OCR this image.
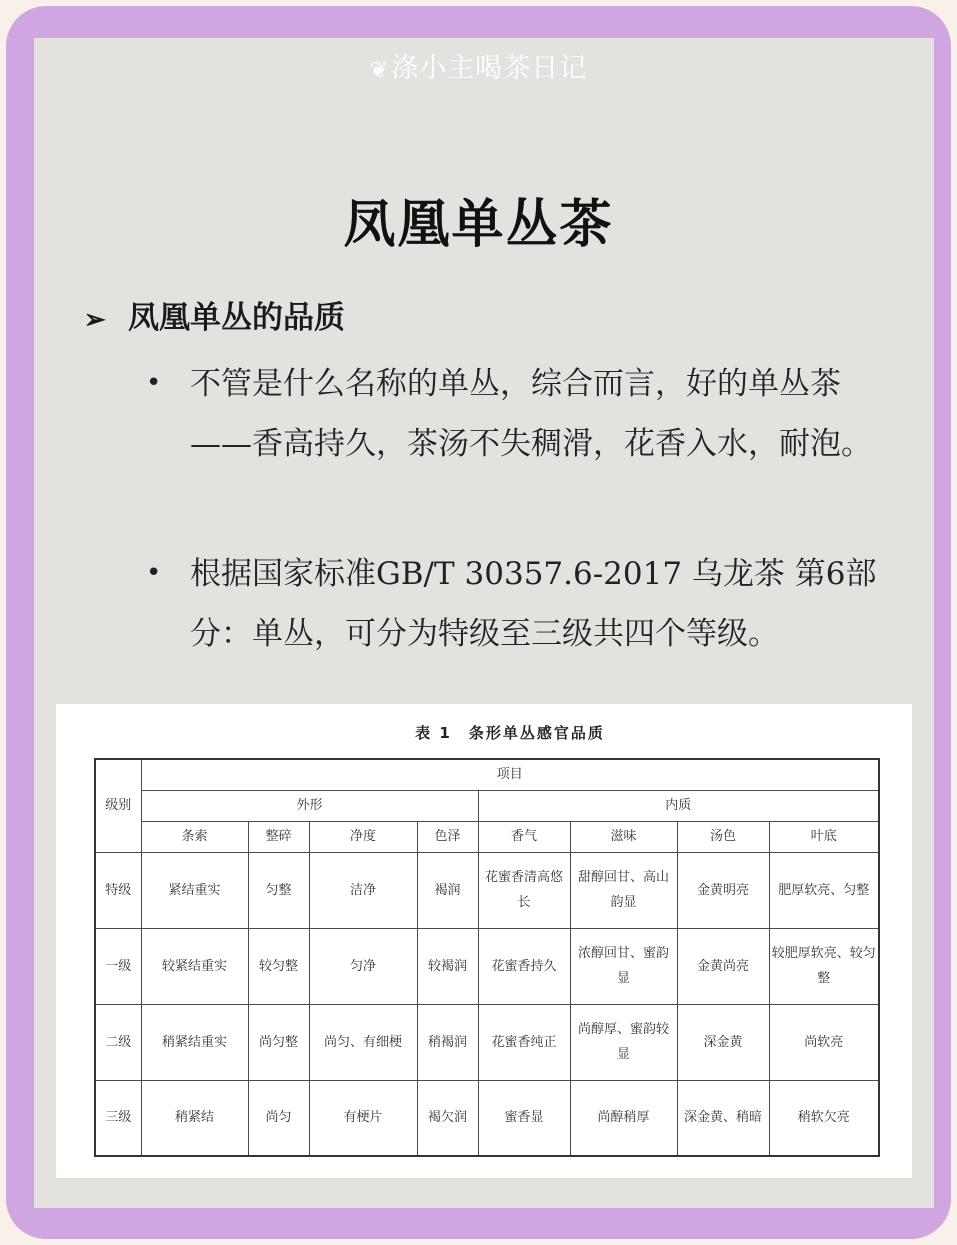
❦涤小主喝茶日记
凤凰单丛茶
➢ 凤凰单丛的品质
• 不管是什么名称的单丛，综合而言，好的单丛茶——香高持久，茶汤不失稠滑，花香入水，耐泡。
• 根据国家标准GB/T 30357.6-2017 乌龙茶 第6部分：单丛，可分为特级至三级共四个等级。
表 1　条形单丛感官品质
级别	项目							
	外形				内质			
	条索	整碎	净度	色泽	香气	滋味	汤色	叶底
特级	紧结重实	匀整	洁净	褐润	花蜜香清高悠长	甜醇回甘、高山韵显	金黄明亮	肥厚软亮、匀整
一级	较紧结重实	较匀整	匀净	较褐润	花蜜香持久	浓醇回甘、蜜韵显	金黄尚亮	较肥厚软亮、较匀整
二级	稍紧结重实	尚匀整	尚匀、有细梗	稍褐润	花蜜香纯正	尚醇厚、蜜韵较显	深金黄	尚软亮
三级	稍紧结	尚匀	有梗片	褐欠润	蜜香显	尚醇稍厚	深金黄、稍暗	稍软欠亮
